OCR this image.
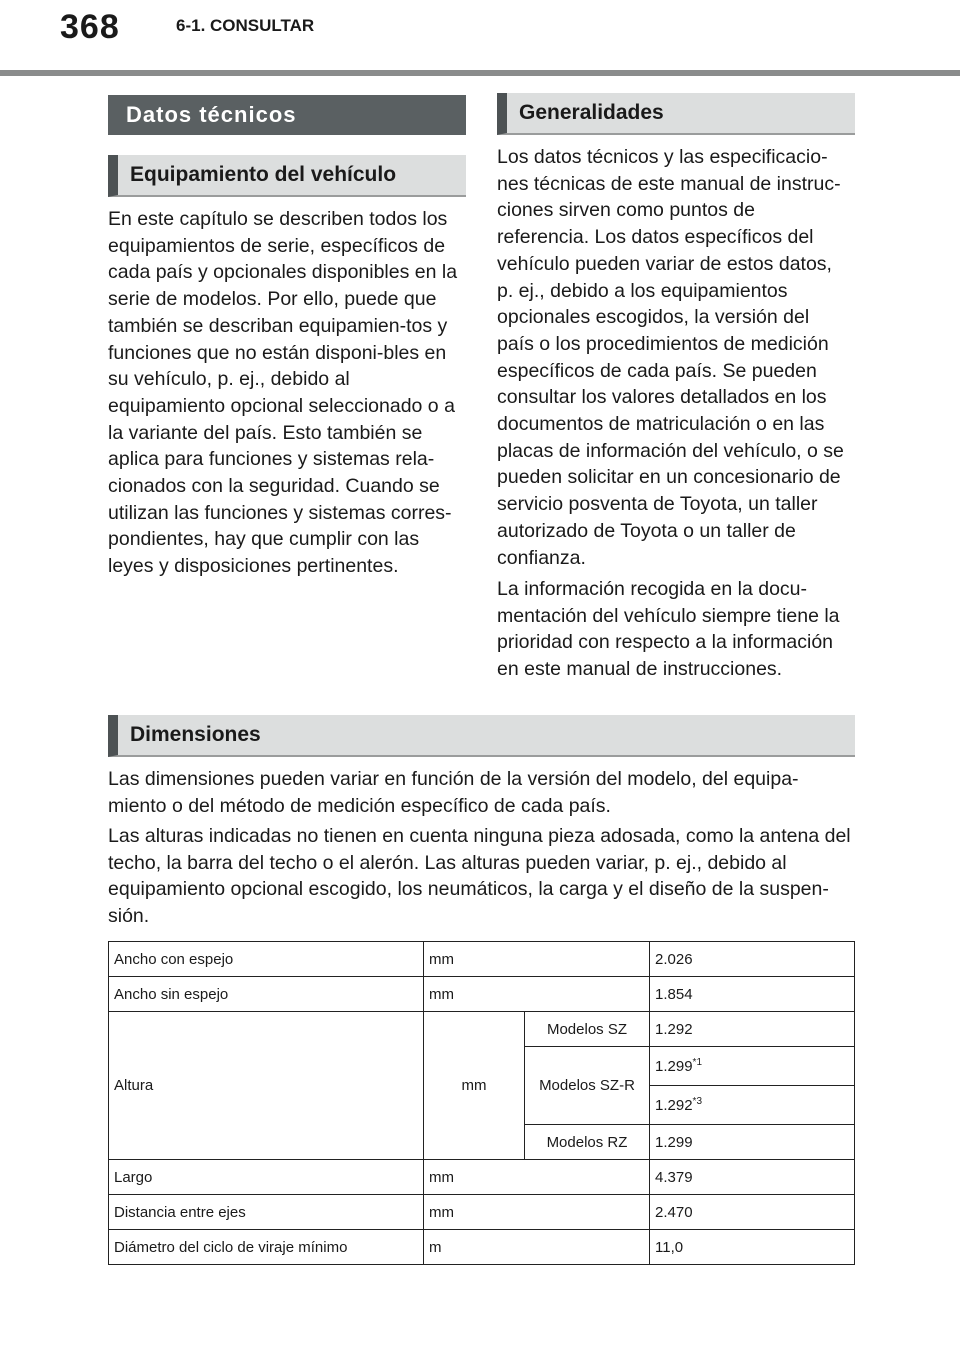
368	6-1. CONSULTAR
Datos técnicos
Equipamiento del vehículo

En este capítulo se describen todos los equipamientos de serie, específicos de cada país y opcionales disponibles en la serie de modelos. Por ello, puede que también se describan equipamien-tos y funciones que no están disponi-bles en su vehículo, p. ej., debido al equipamiento opcional seleccionado o a la variante del país. Esto también se aplica para funciones y sistemas rela-cionados con la seguridad. Cuando se utilizan las funciones y sistemas corres-pondientes, hay que cumplir con las leyes y disposiciones pertinentes.

Generalidades

Los datos técnicos y las especificacio-nes técnicas de este manual de instruc-ciones sirven como puntos de referencia. Los datos específicos del vehículo pueden variar de estos datos, p. ej., debido a los equipamientos opcionales escogidos, la versión del país o los procedimientos de medición específicos de cada país. Se pueden consultar los valores detallados en los documentos de matriculación o en las placas de información del vehículo, o se pueden solicitar en un concesionario de servicio posventa de Toyota, un taller autorizado de Toyota o un taller de confianza.

La información recogida en la docu-mentación del vehículo siempre tiene la prioridad con respecto a la información en este manual de instrucciones.

Dimensiones

Las dimensiones pueden variar en función de la versión del modelo, del equipa-miento o del método de medición específico de cada país.

Las alturas indicadas no tienen en cuenta ninguna pieza adosada, como la antena del techo, la barra del techo o el alerón. Las alturas pueden variar, p. ej., debido al equipamiento opcional escogido, los neumáticos, la carga y el diseño de la suspen-sión.

Ancho con espejo	mm		2.026
Ancho sin espejo	mm		1.854
Altura	mm	Modelos SZ	1.292
		Modelos SZ-R	1.299$^{*1}$
			1.292$^{*3}$
		Modelos RZ	1.299
Largo	mm		4.379
Distancia entre ejes	mm		2.470
Diámetro del ciclo de viraje mínimo	m		11,0
